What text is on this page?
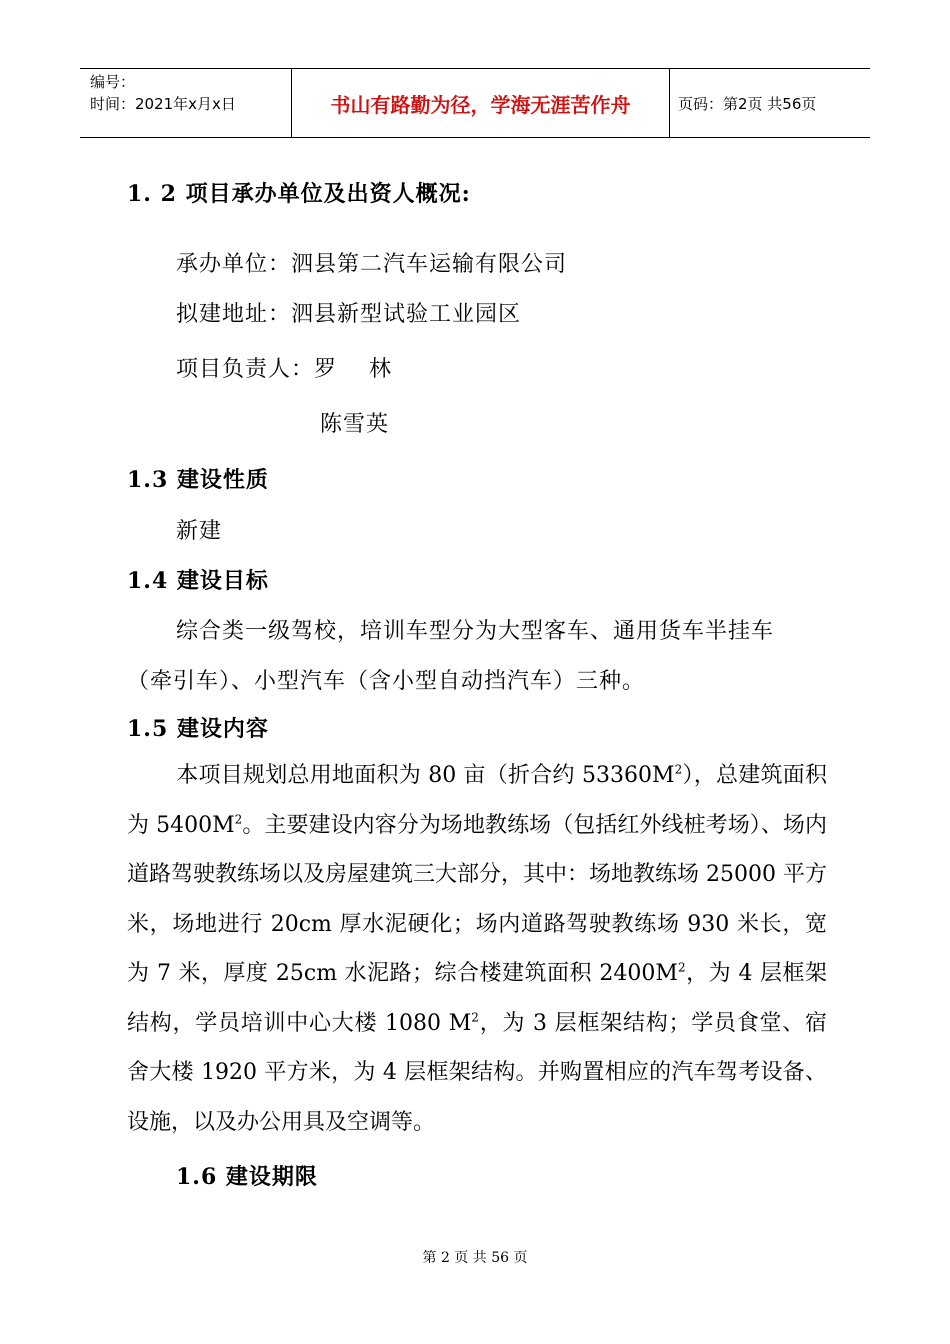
编号：
时间：2021年x月x日	书山有路勤为径，学海无涯苦作舟	页码：第2页 共56页
1. 2 项目承办单位及出资人概况:
承办单位：泗县第二汽车运输有限公司
拟建地址：泗县新型试验工业园区
项目负责人：罗    林
陈雪英
1.3 建设性质
新建
1.4 建设目标
综合类一级驾校，培训车型分为大型客车、通用货车半挂车
（牵引车）、小型汽车（含小型自动挡汽车）三种。
1.5 建设内容

本项目规划总用地面积为 80 亩（折合约 $53360M^2$），总建筑面积为 $5400M^2$。主要建设内容分为场地教练场（包括红外线桩考场）、场内道路驾驶教练场以及房屋建筑三大部分，其中：场地教练场 25000 平方米，场地进行 20cm 厚水泥硬化；场内道路驾驶教练场 930 米长，宽为 7 米，厚度 25cm 水泥路；综合楼建筑面积 $2400M^2$，为 4 层框架结构，学员培训中心大楼 1080 $M^2$，为 3 层框架结构；学员食堂、宿舍大楼 1920 平方米，为 4 层框架结构。并购置相应的汽车驾考设备、设施，以及办公用具及空调等。

1.6 建设期限
第 2 页 共 56 页
